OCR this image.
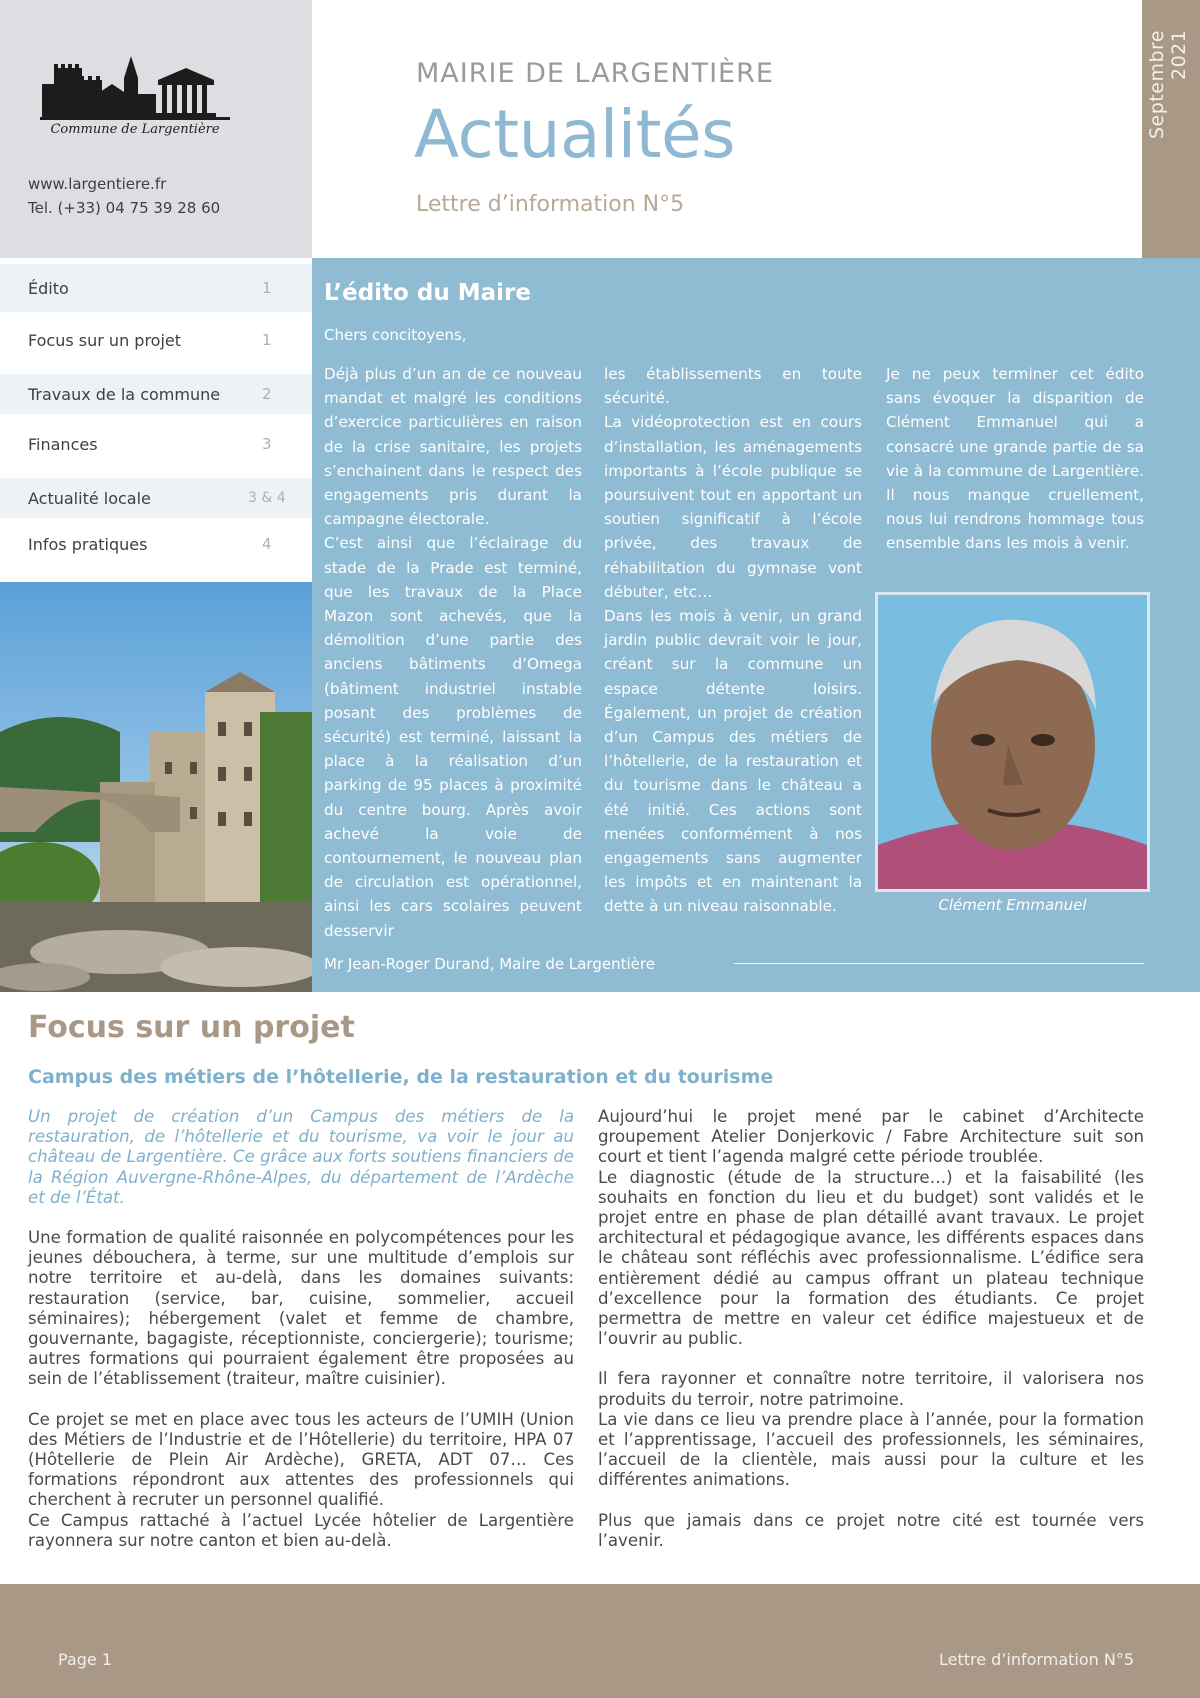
Commune de Largentière
www.largentiere.fr
Tel. (+33) 04 75 39 28 60
MAIRIE DE LARGENTIÈRE
Actualités
Lettre d’information N°5
Septembre 2021
Édito	1
Focus sur un projet	1
Travaux de la commune	2
Finances	3
Actualité locale	3 & 4
Infos pratiques	4
L’édito du Maire
Chers concitoyens,

Déjà plus d’un an de ce nouveau mandat et malgré les conditions d’exercice particulières en raison de la crise sanitaire, les projets s’enchainent dans le respect des engagements pris durant la campagne électorale.

C’est ainsi que l’éclairage du stade de la Prade est terminé, que les travaux de la Place Mazon sont achevés, que la démolition d’une partie des anciens bâtiments d’Omega (bâtiment industriel instable posant des problèmes de sécurité) est terminé, laissant la place à la réalisation d’un parking de 95 places à proximité du centre bourg. Après avoir achevé la voie de contournement, le nouveau plan de circulation est opérationnel, ainsi les cars scolaires peuvent desservir

les établissements en toute sécurité.

La vidéoprotection est en cours d’installation, les aménagements importants à l’école publique se poursuivent tout en apportant un soutien significatif à l’école privée, des travaux de réhabilitation du gymnase vont débuter, etc…

Dans les mois à venir, un grand jardin public devrait voir le jour, créant sur la commune un espace détente loisirs. Également, un projet de création d’un Campus des métiers de l’hôtellerie, de la restauration et du tourisme dans le château a été initié. Ces actions sont menées conformément à nos engagements sans augmenter les impôts et en maintenant la dette à un niveau raisonnable.

Je ne peux terminer cet édito sans évoquer la disparition de Clément Emmanuel qui a consacré une grande partie de sa vie à la commune de Largentière. Il nous manque cruellement, nous lui rendrons hommage tous ensemble dans les mois à venir.

Clément Emmanuel
Mr Jean-Roger Durand, Maire de Largentière
Focus sur un projet
Campus des métiers de l’hôtellerie, de la restauration et du tourisme

Un projet de création d’un Campus des métiers de la restauration, de l’hôtellerie et du tourisme, va voir le jour au château de Largentière. Ce grâce aux forts soutiens financiers de la Région Auvergne-Rhône-Alpes, du département de l’Ardèche et de l’État.

Une formation de qualité raisonnée en polycompétences pour les jeunes débouchera, à terme, sur une multitude d’emplois sur notre territoire et au-delà, dans les domaines suivants: restauration (service, bar, cuisine, sommelier, accueil séminaires); hébergement (valet et femme de chambre, gouvernante, bagagiste, réceptionniste, conciergerie); tourisme; autres formations qui pourraient également être proposées au sein de l’établissement (traiteur, maître cuisinier).

Ce projet se met en place avec tous les acteurs de l’UMIH (Union des Métiers de l’Industrie et de l’Hôtellerie) du territoire, HPA 07 (Hôtellerie de Plein Air Ardèche), GRETA, ADT 07… Ces formations répondront aux attentes des professionnels qui cherchent à recruter un personnel qualifié.

Ce Campus rattaché à l’actuel Lycée hôtelier de Largentière rayonnera sur notre canton et bien au-delà.

Aujourd’hui le projet mené par le cabinet d’Architecte groupement Atelier Donjerkovic / Fabre Architecture suit son court et tient l’agenda malgré cette période troublée.

Le diagnostic (étude de la structure…) et la faisabilité (les souhaits en fonction du lieu et du budget) sont validés et le projet entre en phase de plan détaillé avant travaux. Le projet architectural et pédagogique avance, les différents espaces dans le château sont réfléchis avec professionnalisme. L’édifice sera entièrement dédié au campus offrant un plateau technique d’excellence pour la formation des étudiants. Ce projet permettra de mettre en valeur cet édifice majestueux et de l’ouvrir au public.

Il fera rayonner et connaître notre territoire, il valorisera nos produits du terroir, notre patrimoine.

La vie dans ce lieu va prendre place à l’année, pour la formation et l’apprentissage, l’accueil des professionnels, les séminaires, l’accueil de la clientèle, mais aussi pour la culture et les différentes animations.

Plus que jamais dans ce projet notre cité est tournée vers l’avenir.

Page 1	Lettre d’information N°5
